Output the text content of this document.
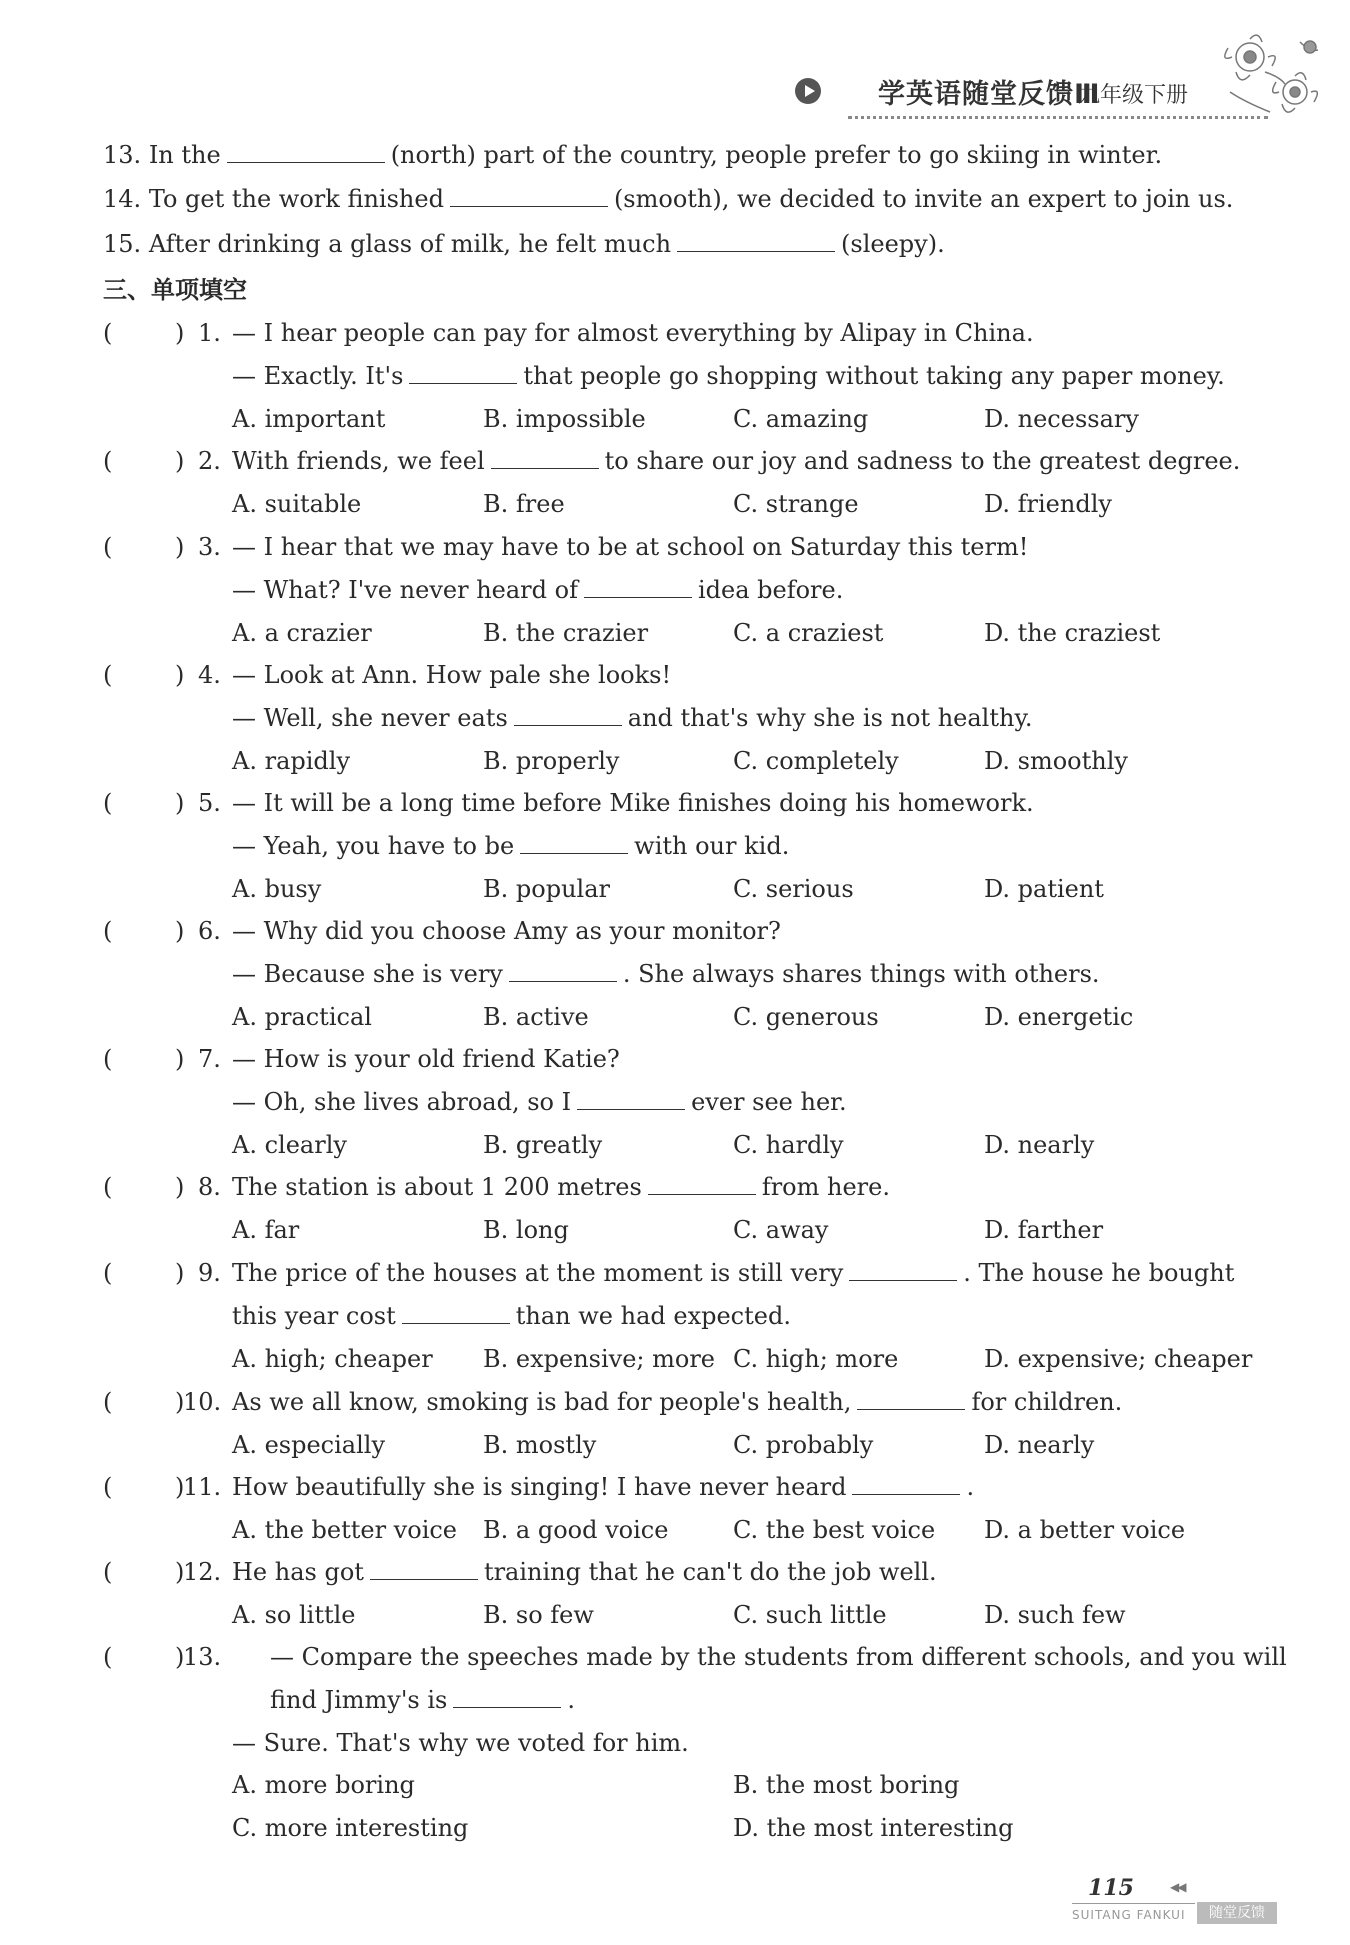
学英语随堂反馈Ⅲ
九年级下册
13. In the	(north) part of the country, people prefer to go skiing in winter.
14. To get the work finished	(smooth), we decided to invite an expert to join us.
15. After drinking a glass of milk, he felt much	(sleepy).
三、单项填空
(	) 1. — I hear people can pay for almost everything by Alipay in China.
— Exactly. It's	that people go shopping without taking any paper money.
A. important	B. impossible	C. amazing	D. necessary
(	) 2. With friends, we feel	to share our joy and sadness to the greatest degree.
A. suitable	B. free	C. strange	D. friendly
(	) 3. — I hear that we may have to be at school on Saturday this term!
— What? I've never heard of	idea before.
A. a crazier	B. the crazier	C. a craziest	D. the craziest
(	) 4. — Look at Ann. How pale she looks!
— Well, she never eats	and that's why she is not healthy.
A. rapidly	B. properly	C. completely	D. smoothly
(	) 5. — It will be a long time before Mike finishes doing his homework.
— Yeah, you have to be	with our kid.
A. busy	B. popular	C. serious	D. patient
(	) 6. — Why did you choose Amy as your monitor?
— Because she is very	. She always shares things with others.
A. practical	B. active	C. generous	D. energetic
(	) 7. — How is your old friend Katie?
— Oh, she lives abroad, so I	ever see her.
A. clearly	B. greatly	C. hardly	D. nearly
(	) 8. The station is about 1 200 metres	from here.
A. far	B. long	C. away	D. farther
(	) 9. The price of the houses at the moment is still very	. The house he bought
this year cost	than we had expected.
A. high; cheaper B. expensive; more C. high; more	D. expensive; cheaper
(	)
10. As we all know, smoking is bad for people's health,	for children.
A. especially	B. mostly	C. probably	D. nearly
(	)
11. How beautifully she is singing! I have never heard	.
A. the better voice B. a good voice	C. the best voice D. a better voice
(	)
12. He has got	training that he can't do the job well.
A. so little	B. so few	C. such little	D. such few
(	)
13. — Compare the speeches made by the students from different schools, and you will
find Jimmy's is	.
— Sure. That's why we voted for him.
A. more boring	B. the most boring
C. more interesting	D. the most interesting
115	◀◀
SUITANG FANKUI	随堂反馈
